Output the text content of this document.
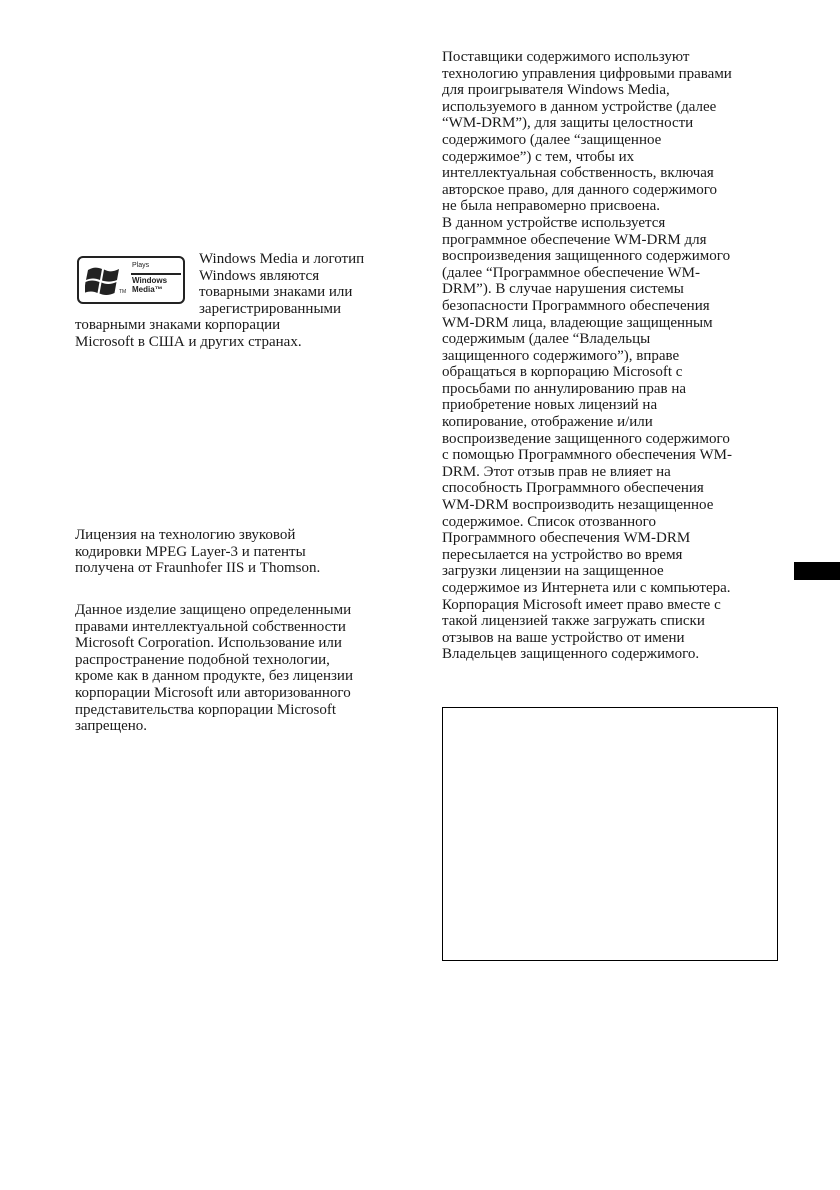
TM
Plays
Windows
Media™
Windows Media и логотип
Windows являются
товарными знаками или
зарегистрированными
товарными знаками корпорации
Microsoft в США и других странах.
Лицензия на технологию звуковой
кодировки MPEG Layer-3 и патенты
получена от Fraunhofer IIS и Thomson.
Данное изделие защищено определенными
правами интеллектуальной собственности
Microsoft Corporation. Использование или
распространение подобной технологии,
кроме как в данном продукте, без лицензии
корпорации Microsoft или авторизованного
представительства корпорации Microsoft
запрещено.
Поставщики содержимого используют
технологию управления цифровыми правами
для проигрывателя Windows Media,
используемого в данном устройстве (далее
“WM-DRM”), для защиты целостности
содержимого (далее “защищенное
содержимое”) с тем, чтобы их
интеллектуальная собственность, включая
авторское право, для данного содержимого
не была неправомерно присвоена.
В данном устройстве используется
программное обеспечение WM-DRM для
воспроизведения защищенного содержимого
(далее “Программное обеспечение WM-
DRM”). В случае нарушения системы
безопасности Программного обеспечения
WM-DRM лица, владеющие защищенным
содержимым (далее “Владельцы
защищенного содержимого”), вправе
обращаться в корпорацию Microsoft с
просьбами по аннулированию прав на
приобретение новых лицензий на
копирование, отображение и/или
воспроизведение защищенного содержимого
с помощью Программного обеспечения WM-
DRM. Этот отзыв прав не влияет на
способность Программного обеспечения
WM-DRM воспроизводить незащищенное
содержимое. Список отозванного
Программного обеспечения WM-DRM
пересылается на устройство во время
загрузки лицензии на защищенное
содержимое из Интернета или с компьютера.
Корпорация Microsoft имеет право вместе с
такой лицензией также загружать списки
отзывов на ваше устройство от имени
Владельцев защищенного содержимого.
